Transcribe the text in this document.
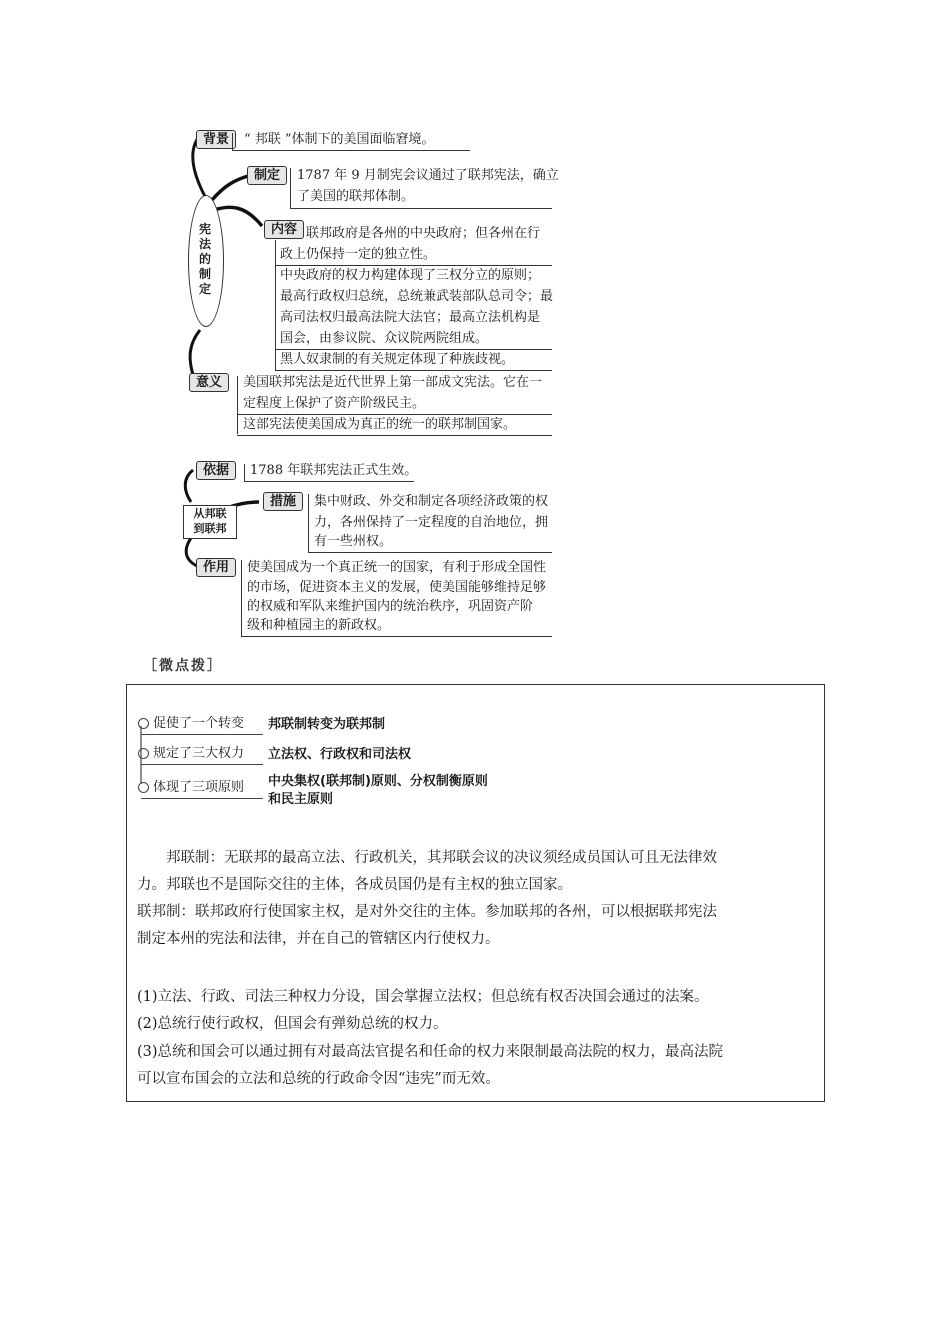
宪
法
的
制
定
背景	“ 邦联 ”体制下的美国面临窘境。
制定	1787 年 9 月制宪会议通过了联邦宪法，确立
了美国的联邦体制。
内容 联邦政府是各州的中央政府；但各州在行
政上仍保持一定的独立性。
中央政府的权力构建体现了三权分立的原则；
最高行政权归总统，总统兼武装部队总司令；最
高司法权归最高法院大法官；最高立法机构是
国会，由参议院、众议院两院组成。
黑人奴隶制的有关规定体现了种族歧视。
意义	美国联邦宪法是近代世界上第一部成文宪法。它在一
定程度上保护了资产阶级民主。
这部宪法使美国成为真正的统一的联邦制国家。
从邦联
到联邦
依据	1788 年联邦宪法正式生效。
措施	集中财政、外交和制定各项经济政策的权
力，各州保持了一定程度的自治地位，拥
有一些州权。
作用	使美国成为一个真正统一的国家，有利于形成全国性
的市场，促进资本主义的发展，使美国能够维持足够
的权威和军队来维护国内的统治秩序，巩固资产阶
级和种植园主的新政权。
［微点拨］
促使了一个转变	邦联制转变为联邦制
规定了三大权力	立法权、行政权和司法权
体现了三项原则	中央集权(联邦制)原则、分权制衡原则
和民主原则
邦联制：无联邦的最高立法、行政机关，其邦联会议的决议须经成员国认可且无法律效
力。邦联也不是国际交往的主体，各成员国仍是有主权的独立国家。
联邦制：联邦政府行使国家主权，是对外交往的主体。参加联邦的各州，可以根据联邦宪法
制定本州的宪法和法律，并在自己的管辖区内行使权力。
(1)立法、行政、司法三种权力分设，国会掌握立法权；但总统有权否决国会通过的法案。
(2)总统行使行政权，但国会有弹劾总统的权力。
(3)总统和国会可以通过拥有对最高法官提名和任命的权力来限制最高法院的权力，最高法院
可以宣布国会的立法和总统的行政命令因“违宪”而无效。
